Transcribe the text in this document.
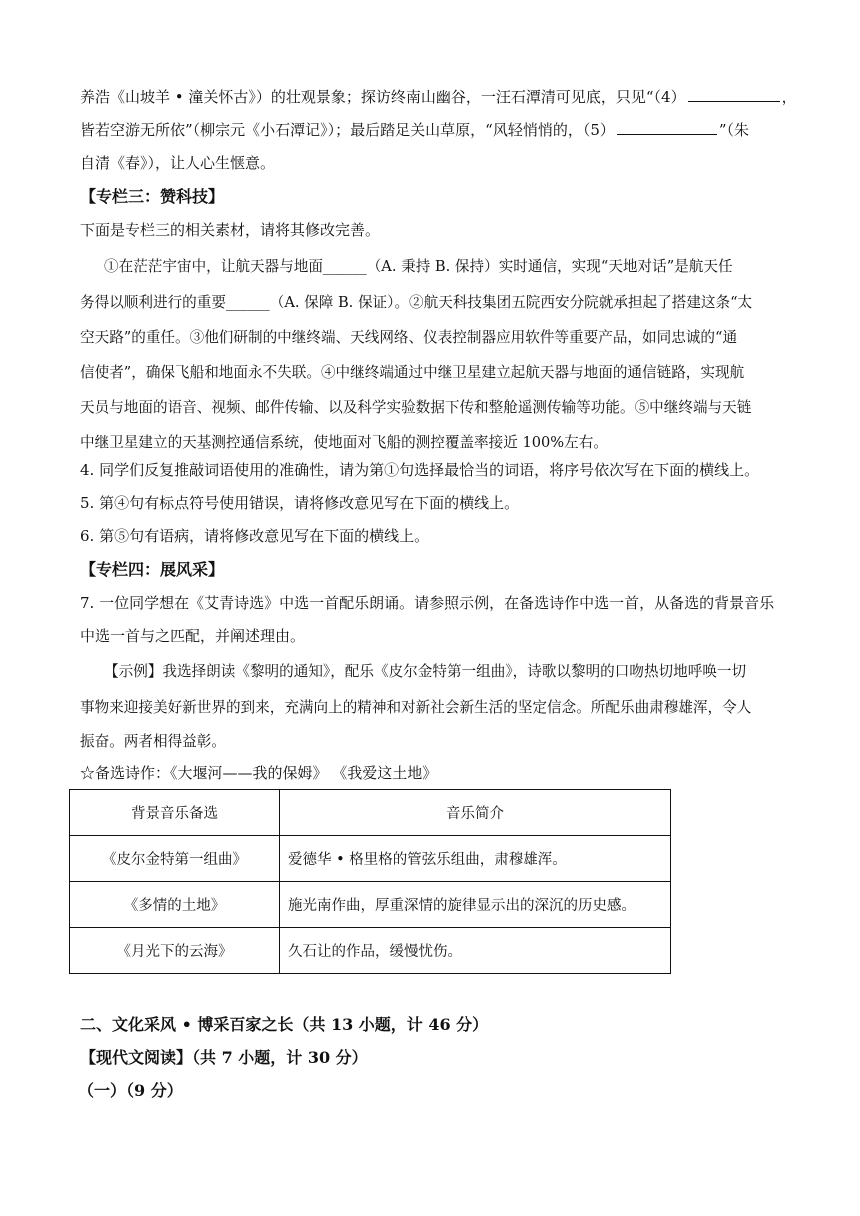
养浩《山坡羊 • 潼关怀古》）的壮观景象；探访终南山幽谷，一汪石潭清可见底，只见“（4）	，
皆若空游无所依”（柳宗元《小石潭记》）；最后踏足关山草原，“风轻悄悄的，（5）	”（朱
自清《春》），让人心生惬意。
【专栏三：赞科技】
下面是专栏三的相关素材，请将其修改完善。
①在茫茫宇宙中，让航天器与地面______（A. 秉持 B. 保持）实时通信，实现“天地对话”是航天任
务得以顺利进行的重要______（A. 保障 B. 保证）。②航天科技集团五院西安分院就承担起了搭建这条“太
空天路”的重任。③他们研制的中继终端、天线网络、仪表控制器应用软件等重要产品，如同忠诚的“通
信使者”，确保飞船和地面永不失联。④中继终端通过中继卫星建立起航天器与地面的通信链路，实现航
天员与地面的语音、视频、邮件传输、以及科学实验数据下传和整舱遥测传输等功能。⑤中继终端与天链
中继卫星建立的天基测控通信系统，使地面对飞船的测控覆盖率接近 100%左右。
4. 同学们反复推敲词语使用的准确性，请为第①句选择最恰当的词语，将序号依次写在下面的横线上。
5. 第④句有标点符号使用错误，请将修改意见写在下面的横线上。
6. 第⑤句有语病，请将修改意见写在下面的横线上。
【专栏四：展风采】
7. 一位同学想在《艾青诗选》中选一首配乐朗诵。请参照示例，在备选诗作中选一首，从备选的背景音乐
中选一首与之匹配，并阐述理由。
【示例】我选择朗读《黎明的通知》，配乐《皮尔金特第一组曲》，诗歌以黎明的口吻热切地呼唤一切
事物来迎接美好新世界的到来，充满向上的精神和对新社会新生活的坚定信念。所配乐曲肃穆雄浑，令人
振奋。两者相得益彰。
☆备选诗作：《大堰河——我的保姆》 《我爱这土地》
背景音乐备选	音乐简介
《皮尔金特第一组曲》	爱德华 • 格里格的管弦乐组曲，肃穆雄浑。
《多情的土地》	施光南作曲，厚重深情的旋律显示出的深沉的历史感。
《月光下的云海》	久石让的作品，缓慢忧伤。
二、文化采风 • 博采百家之长（共 13 小题，计 46 分）
【现代文阅读】（共 7 小题，计 30 分）
（一）（9 分）
